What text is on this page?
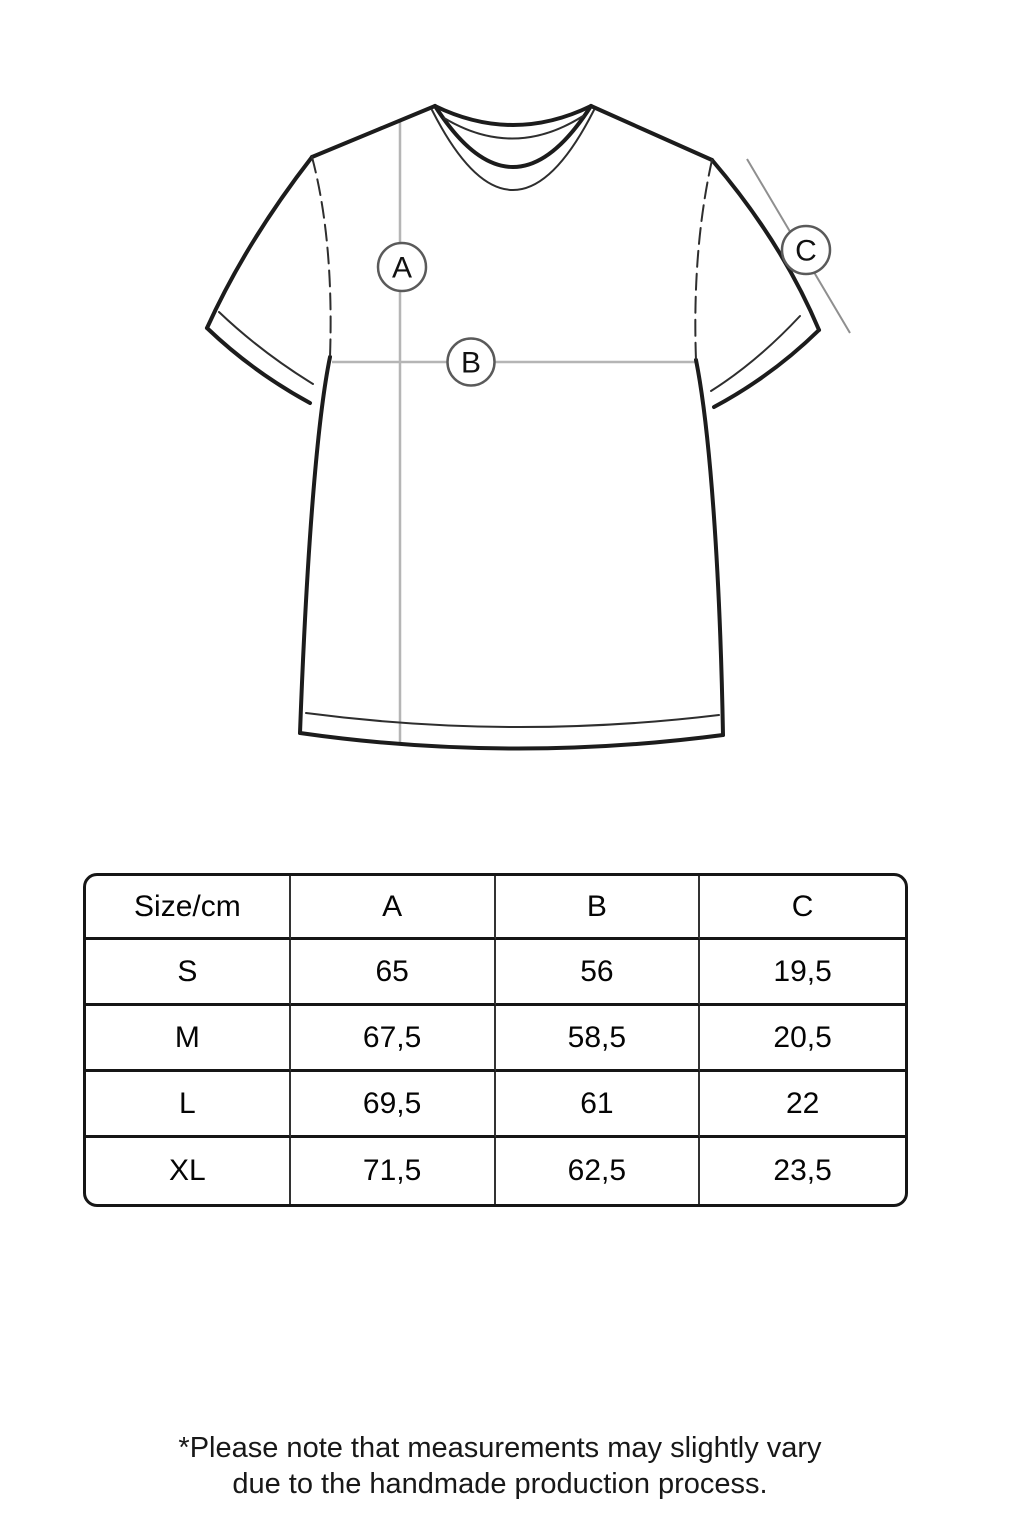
A
B
C
Size/cm	A	B	C
S	65	56	19,5
M	67,5	58,5	20,5
L	69,5	61	22
XL	71,5	62,5	23,5
*Please note that measurements may slightly vary
due to the handmade production process.
